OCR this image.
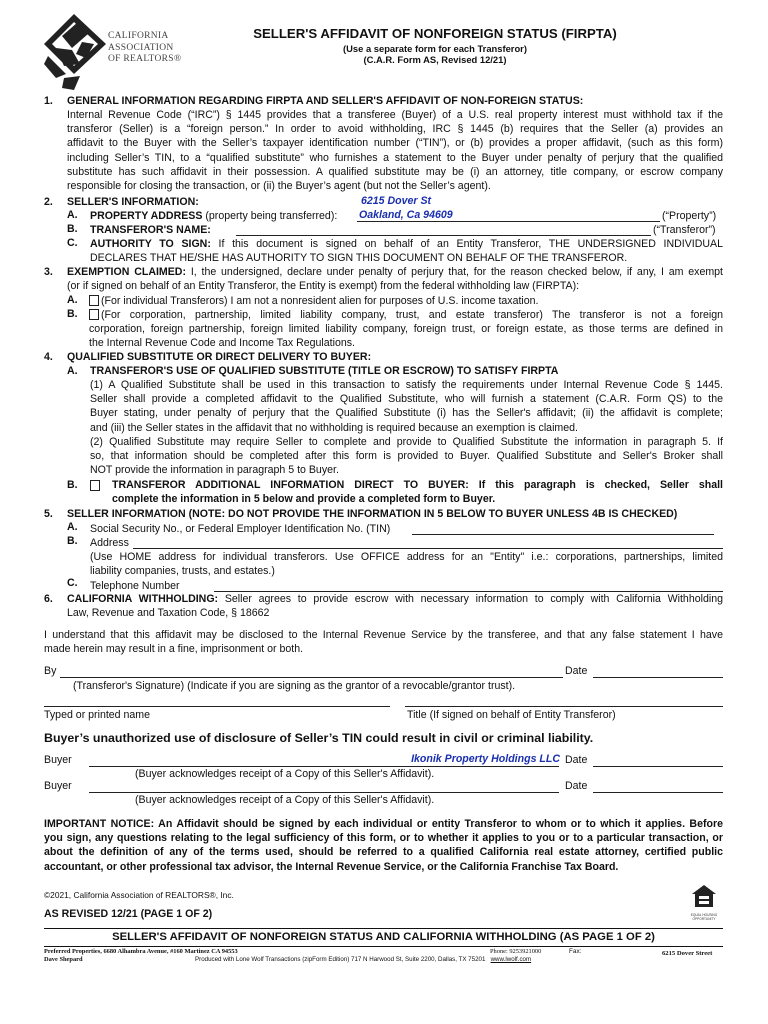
CALIFORNIA
ASSOCIATION
OF REALTORS®
SELLER'S AFFIDAVIT OF NONFOREIGN STATUS (FIRPTA)
(Use a separate form for each Transferor)
(C.A.R. Form AS, Revised 12/21)
1. GENERAL INFORMATION REGARDING FIRPTA AND SELLER'S AFFIDAVIT OF NON-FOREIGN STATUS:
Internal Revenue Code (“IRC”) § 1445 provides that a transferee (Buyer) of a U.S. real property interest must withhold tax if the
transferor (Seller) is a “foreign person.” In order to avoid withholding, IRC § 1445 (b) requires that the Seller (a) provides an
affidavit to the Buyer with the Seller’s taxpayer identification number (“TIN”), or (b) provides a proper affidavit, (such as this form)
including Seller’s TIN, to a “qualified substitute” who furnishes a statement to the Buyer under penalty of perjury that the qualified
substitute has such affidavit in their possession. A qualified substitute may be (i) an attorney, title company, or escrow company
responsible for closing the transaction, or (ii) the Buyer’s agent (but not the Seller’s agent).
2. SELLER'S INFORMATION:	6215 Dover St
A. PROPERTY ADDRESS (property being transferred): Oakland, Ca 94609	(“Property”)
B. TRANSFEROR'S NAME:	(“Transferor”)
C. AUTHORITY TO SIGN: If this document is signed on behalf of an Entity Transferor, THE UNDERSIGNED INDIVIDUAL
DECLARES THAT HE/SHE HAS AUTHORITY TO SIGN THIS DOCUMENT ON BEHALF OF THE TRANSFEROR.
3. EXEMPTION CLAIMED: I, the undersigned, declare under penalty of perjury that, for the reason checked below, if any, I am exempt
(or if signed on behalf of an Entity Transferor, the Entity is exempt) from the federal withholding law (FIRPTA):
A.	(For individual Transferors) I am not a nonresident alien for purposes of U.S. income taxation.
B.	(For corporation, partnership, limited liability company, trust, and estate transferor) The transferor is not a foreign
corporation, foreign partnership, foreign limited liability company, foreign trust, or foreign estate, as those terms are defined in
the Internal Revenue Code and Income Tax Regulations.
4. QUALIFIED SUBSTITUTE OR DIRECT DELIVERY TO BUYER:
A. TRANSFEROR'S USE OF QUALIFIED SUBSTITUTE (TITLE OR ESCROW) TO SATISFY FIRPTA
(1) A Qualified Substitute shall be used in this transaction to satisfy the requirements under Internal Revenue Code § 1445.
Seller shall provide a completed affidavit to the Qualified Substitute, who will furnish a statement (C.A.R. Form QS) to the
Buyer stating, under penalty of perjury that the Qualified Substitute (i) has the Seller's affidavit; (ii) the affidavit is complete;
and (iii) the Seller states in the affidavit that no withholding is required because an exemption is claimed.
(2) Qualified Substitute may require Seller to complete and provide to Qualified Substitute the information in paragraph 5. If
so, that information should be completed after this form is provided to Buyer. Qualified Substitute and Seller's Broker shall
NOT provide the information in paragraph 5 to Buyer.
B.	TRANSFEROR ADDITIONAL INFORMATION DIRECT TO BUYER: If this paragraph is checked, Seller shall
complete the information in 5 below and provide a completed form to Buyer.
5. SELLER INFORMATION (NOTE: DO NOT PROVIDE THE INFORMATION IN 5 BELOW TO BUYER UNLESS 4B IS CHECKED)
A. Social Security No., or Federal Employer Identification No. (TIN)
B. Address
(Use HOME address for individual transferors. Use OFFICE address for an "Entity" i.e.: corporations, partnerships, limited
liability companies, trusts, and estates.)
C. Telephone Number
6. CALIFORNIA WITHHOLDING: Seller agrees to provide escrow with necessary information to comply with California Withholding
Law, Revenue and Taxation Code, § 18662
I understand that this affidavit may be disclosed to the Internal Revenue Service by the transferee, and that any false statement I have
made herein may result in a fine, imprisonment or both.
By	Date
(Transferor's Signature) (Indicate if you are signing as the grantor of a revocable/grantor trust).
Typed or printed name	Title (If signed on behalf of Entity Transferor)
Buyer’s unauthorized use of disclosure of Seller’s TIN could result in civil or criminal liability.
Buyer	Ikonik Property Holdings LLC Date
(Buyer acknowledges receipt of a Copy of this Seller's Affidavit).
Buyer	Date
(Buyer acknowledges receipt of a Copy of this Seller's Affidavit).
IMPORTANT NOTICE: An Affidavit should be signed by each individual or entity Transferor to whom or to which it applies. Before
you sign, any questions relating to the legal sufficiency of this form, or to whether it applies to you or to a particular transaction, or
about the definition of any of the terms used, should be referred to a qualified California real estate attorney, certified public
accountant, or other professional tax advisor, the Internal Revenue Service, or the California Franchise Tax Board.
©2021, California Association of REALTORS®, Inc.
AS REVISED 12/21 (PAGE 1 OF 2)	EQUAL HOUSING
OPPORTUNITY
SELLER'S AFFIDAVIT OF NONFOREIGN STATUS AND CALIFORNIA WITHHOLDING (AS PAGE 1 OF 2)
Preferred Properties, 6680 Alhambra Avenue, #160 Martinez CA 94553
Dave Shepard
Phone: 9253921000	Fax:	6215 Dover Street
Produced with Lone Wolf Transactions (zipForm Edition) 717 N Harwood St, Suite 2200, Dallas, TX 75201 www.lwolf.com
